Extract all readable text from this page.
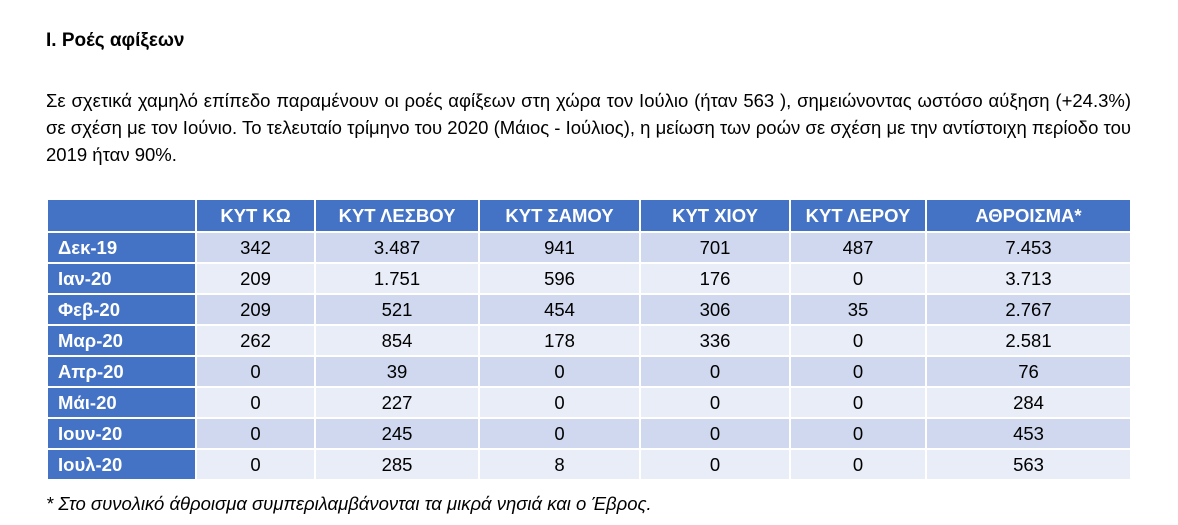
I. Ροές αφίξεων

Σε σχετικά χαμηλό επίπεδο παραμένουν οι ροές αφίξεων στη χώρα τον Ιούλιο (ήταν 563 ), σημειώνοντας ωστόσο αύξηση (+24.3%) σε σχέση με τον Ιούνιο. Το τελευταίο τρίμηνο του 2020 (Μάιος - Ιούλιος), η μείωση των ροών σε σχέση με την αντίστοιχη περίοδο του 2019 ήταν 90%.

	ΚΥΤ ΚΩ	ΚΥΤ ΛΕΣΒΟΥ	ΚΥΤ ΣΑΜΟΥ	ΚΥΤ ΧΙΟΥ	ΚΥΤ ΛΕΡΟΥ	ΑΘΡΟΙΣΜΑ*
Δεκ-19	342	3.487	941	701	487	7.453
Ιαν-20	209	1.751	596	176	0	3.713
Φεβ-20	209	521	454	306	35	2.767
Μαρ-20	262	854	178	336	0	2.581
Απρ-20	0	39	0	0	0	76
Μάι-20	0	227	0	0	0	284
Ιουν-20	0	245	0	0	0	453
Ιουλ-20	0	285	8	0	0	563

* Στο συνολικό άθροισμα συμπεριλαμβάνονται τα μικρά νησιά και ο Έβρος.
